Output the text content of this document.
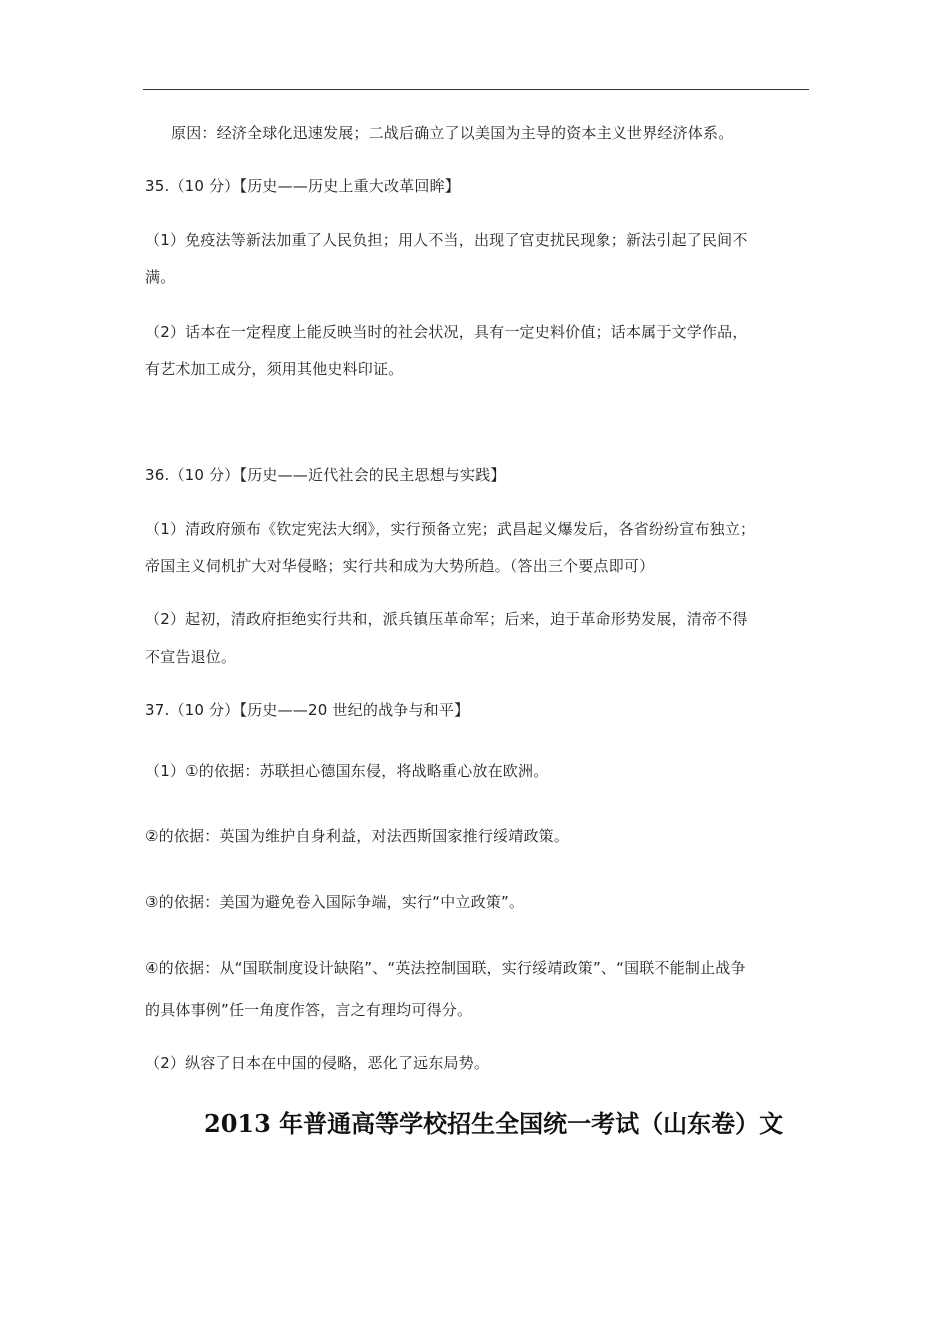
原因：经济全球化迅速发展；二战后确立了以美国为主导的资本主义世界经济体系。
35.（10 分）【历史——历史上重大改革回眸】
（1）免疫法等新法加重了人民负担；用人不当，出现了官吏扰民现象；新法引起了民间不
满。
（2）话本在一定程度上能反映当时的社会状况，具有一定史料价值；话本属于文学作品，
有艺术加工成分，须用其他史料印证。
36.（10 分）【历史——近代社会的民主思想与实践】
（1）清政府颁布《钦定宪法大纲》，实行预备立宪；武昌起义爆发后，各省纷纷宣布独立；
帝国主义伺机扩大对华侵略；实行共和成为大势所趋。（答出三个要点即可）
（2）起初，清政府拒绝实行共和，派兵镇压革命军；后来，迫于革命形势发展，清帝不得
不宣告退位。
37.（10 分）【历史——20 世纪的战争与和平】
（1）①的依据：苏联担心德国东侵，将战略重心放在欧洲。
②的依据：英国为维护自身利益，对法西斯国家推行绥靖政策。
③的依据：美国为避免卷入国际争端，实行“中立政策”。
④的依据：从“国联制度设计缺陷”、“英法控制国联，实行绥靖政策”、“国联不能制止战争
的具体事例”任一角度作答，言之有理均可得分。
（2）纵容了日本在中国的侵略，恶化了远东局势。
2013 年普通高等学校招生全国统一考试（山东卷）文
